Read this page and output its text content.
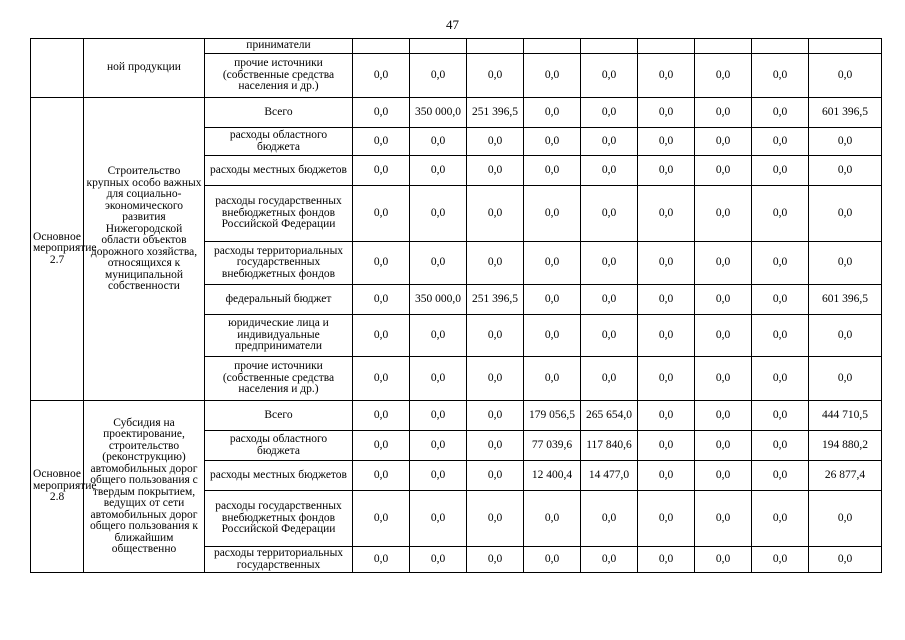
47
	ной продукции	приниматели									
		прочие источники (собственные средства населения и др.)	0,0	0,0	0,0	0,0	0,0	0,0	0,0	0,0	0,0
Основное мероприятие 2.7	Строительство крупных особо важных для социально-экономического развития Нижегородской области объектов дорожного хозяйства, относящихся к муниципальной собственности	Всего	0,0	350 000,0	251 396,5	0,0	0,0	0,0	0,0	0,0	601 396,5
		расходы областного бюджета	0,0	0,0	0,0	0,0	0,0	0,0	0,0	0,0	0,0
		расходы местных бюджетов	0,0	0,0	0,0	0,0	0,0	0,0	0,0	0,0	0,0
		расходы государственных внебюджетных фондов Российской Федерации	0,0	0,0	0,0	0,0	0,0	0,0	0,0	0,0	0,0
		расходы территориальных государственных внебюджетных фондов	0,0	0,0	0,0	0,0	0,0	0,0	0,0	0,0	0,0
		федеральный бюджет	0,0	350 000,0	251 396,5	0,0	0,0	0,0	0,0	0,0	601 396,5
		юридические лица и индивидуальные предприниматели	0,0	0,0	0,0	0,0	0,0	0,0	0,0	0,0	0,0
		прочие источники (собственные средства населения и др.)	0,0	0,0	0,0	0,0	0,0	0,0	0,0	0,0	0,0
Основное мероприятие 2.8	Субсидия на проектирование, строительство (реконструкцию) автомобильных дорог общего пользования с твердым покрытием, ведущих от сети автомобильных дорог общего пользования к ближайшим общественно	Всего	0,0	0,0	0,0	179 056,5	265 654,0	0,0	0,0	0,0	444 710,5
		расходы областного бюджета	0,0	0,0	0,0	77 039,6	117 840,6	0,0	0,0	0,0	194 880,2
		расходы местных бюджетов	0,0	0,0	0,0	12 400,4	14 477,0	0,0	0,0	0,0	26 877,4
		расходы государственных внебюджетных фондов Российской Федерации	0,0	0,0	0,0	0,0	0,0	0,0	0,0	0,0	0,0
		расходы территориальных государственных	0,0	0,0	0,0	0,0	0,0	0,0	0,0	0,0	0,0
